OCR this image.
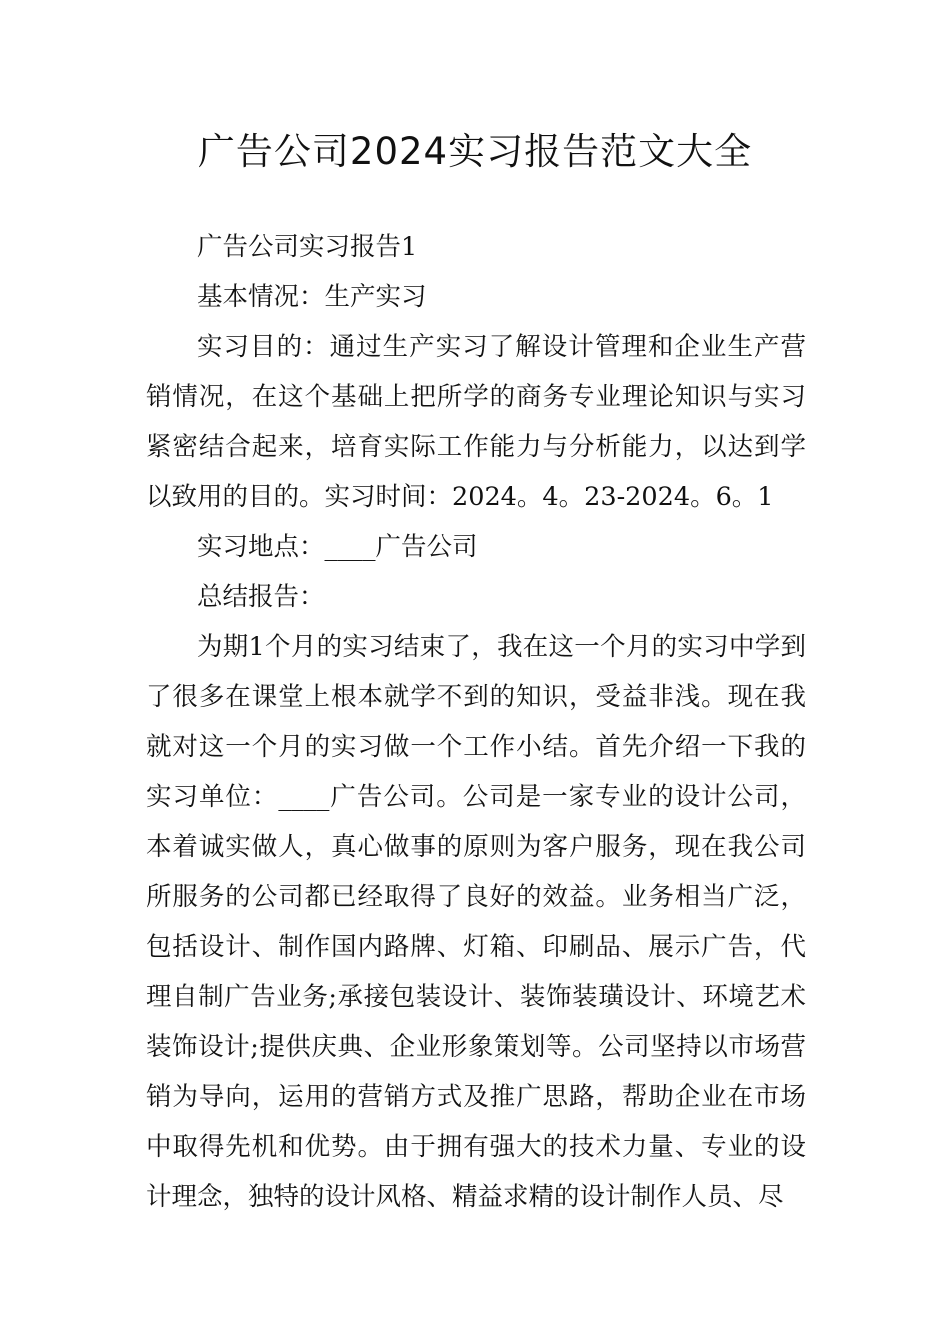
广告公司2024实习报告范文大全

广告公司实习报告1

基本情况：生产实习

实习目的：通过生产实习了解设计管理和企业生产营销情况，在这个基础上把所学的商务专业理论知识与实习紧密结合起来，培育实际工作能力与分析能力，以达到学以致用的目的。实习时间：2024。4。23-2024。6。1

实习地点：____广告公司

总结报告：

为期1个月的实习结束了，我在这一个月的实习中学到了很多在课堂上根本就学不到的知识，受益非浅。现在我就对这一个月的实习做一个工作小结。首先介绍一下我的实习单位：____广告公司。公司是一家专业的设计公司，本着诚实做人，真心做事的原则为客户服务，现在我公司所服务的公司都已经取得了良好的效益。业务相当广泛，包括设计、制作国内路牌、灯箱、印刷品、展示广告，代理自制广告业务;承接包装设计、装饰装璜设计、环境艺术装饰设计;提供庆典、企业形象策划等。公司坚持以市场营销为导向，运用的营销方式及推广思路，帮助企业在市场中取得先机和优势。由于拥有强大的技术力量、专业的设计理念，独特的设计风格、精益求精的设计制作人员、尽
